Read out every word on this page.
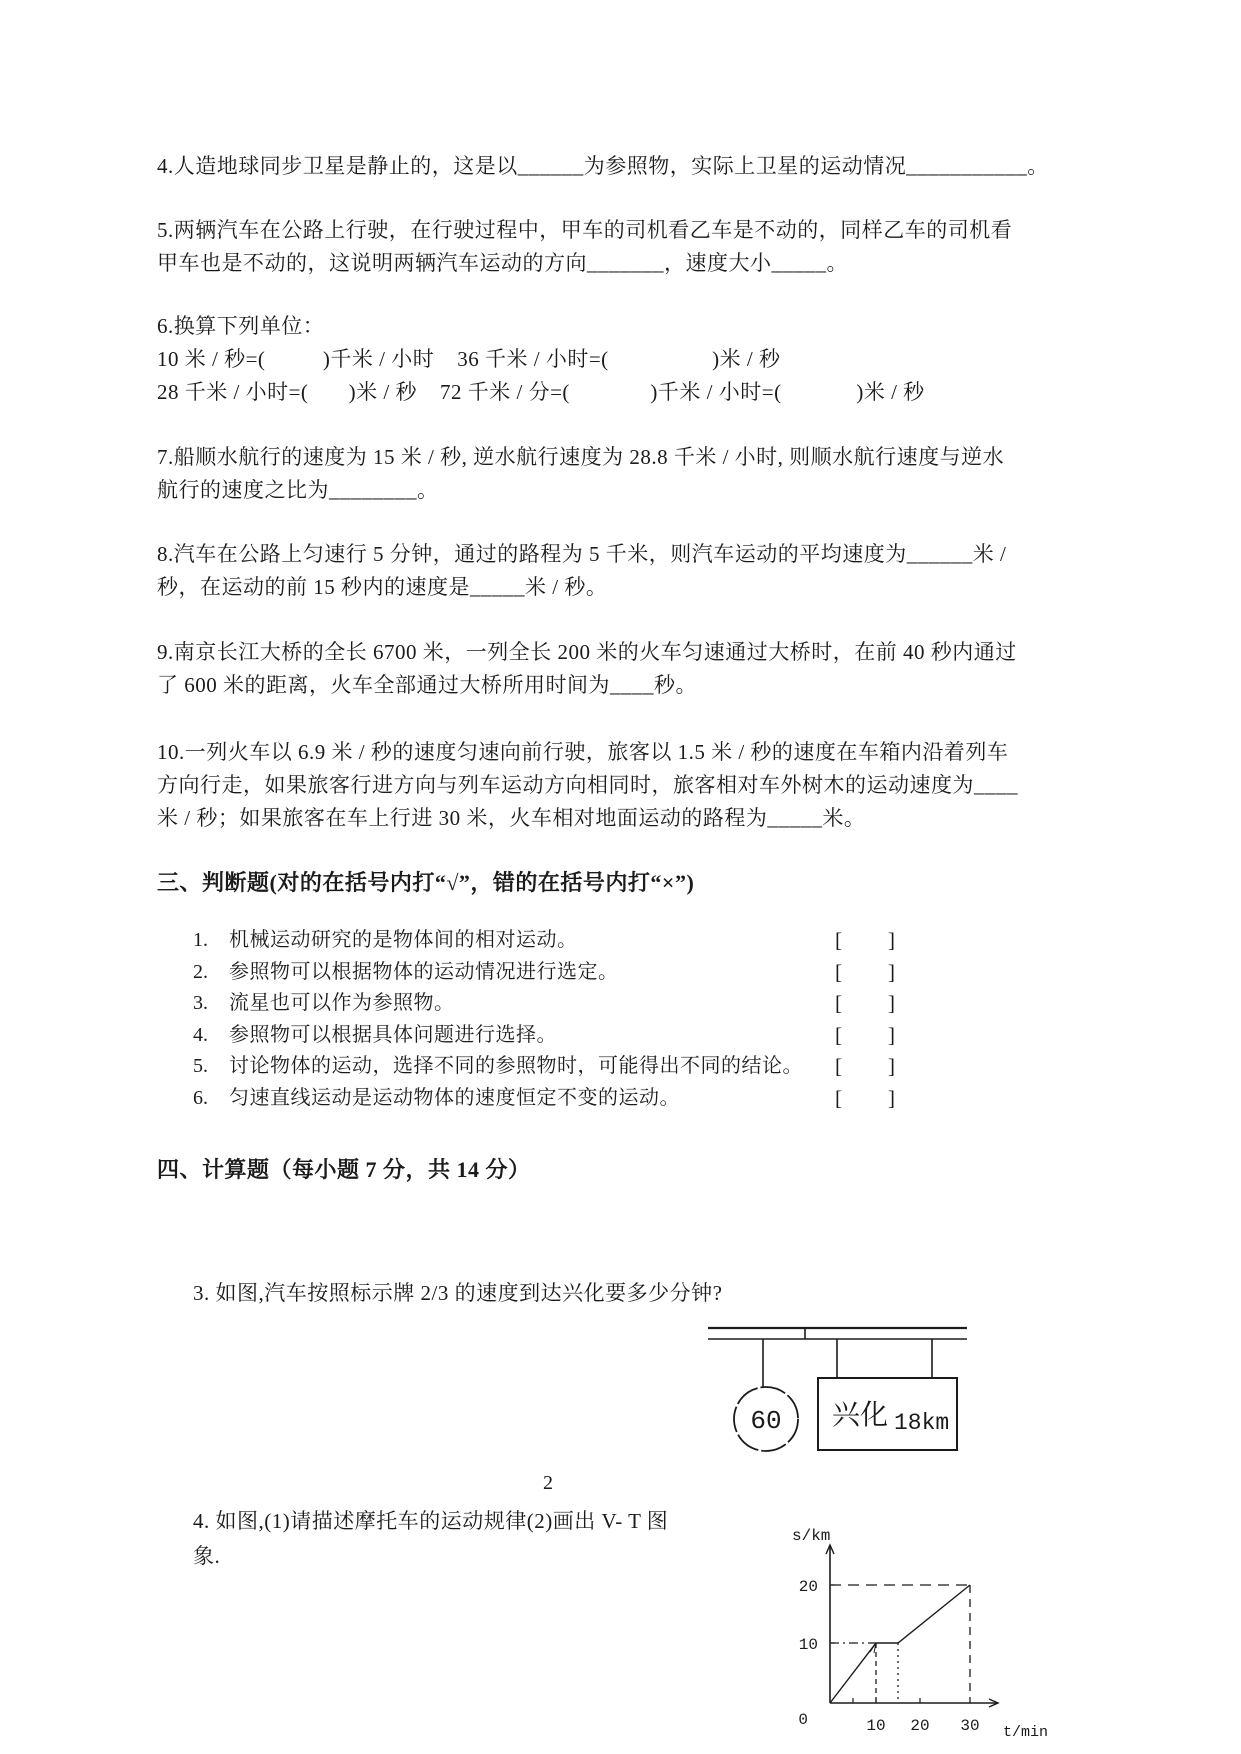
4.人造地球同步卫星是静止的，这是以______为参照物，实际上卫星的运动情况___________。
5.两辆汽车在公路上行驶，在行驶过程中，甲车的司机看乙车是不动的，同样乙车的司机看
甲车也是不动的，这说明两辆汽车运动的方向_______，速度大小_____。
6.换算下列单位：
10 米 / 秒=(          )千米 / 小时    36 千米 / 小时=(                  )米 / 秒
28 千米 / 小时=(       )米 / 秒    72 千米 / 分=(              )千米 / 小时=(             )米 / 秒
7.船顺水航行的速度为 15 米 / 秒, 逆水航行速度为 28.8 千米 / 小时, 则顺水航行速度与逆水
航行的速度之比为________。
8.汽车在公路上匀速行 5 分钟，通过的路程为 5 千米，则汽车运动的平均速度为______米 /
秒，在运动的前 15 秒内的速度是_____米 / 秒。
9.南京长江大桥的全长 6700 米，一列全长 200 米的火车匀速通过大桥时，在前 40 秒内通过
了 600 米的距离，火车全部通过大桥所用时间为____秒。
10.一列火车以 6.9 米 / 秒的速度匀速向前行驶，旅客以 1.5 米 / 秒的速度在车箱内沿着列车
方向行走，如果旅客行进方向与列车运动方向相同时，旅客相对车外树木的运动速度为____
米 / 秒；如果旅客在车上行进 30 米，火车相对地面运动的路程为_____米。
三、判断题(对的在括号内打“√”，错的在括号内打“×”)
1. 机械运动研究的是物体间的相对运动。	[ ]
2. 参照物可以根据物体的运动情况进行选定。	[ ]
3. 流星也可以作为参照物。	[ ]
4. 参照物可以根据具体问题进行选择。	[ ]
5. 讨论物体的运动，选择不同的参照物时，可能得出不同的结论。 [ ]
6. 匀速直线运动是运动物体的速度恒定不变的运动。	[ ]
四、计算题（每小题 7 分，共 14 分）
3. 如图,汽车按照标示牌 2/3 的速度到达兴化要多少分钟?
60 兴化 18km
4. 如图,(1)请描述摩托车的运动规律(2)画出 V- T 图
象.
2
s/km
20
10
0	10 20 30 t/min
